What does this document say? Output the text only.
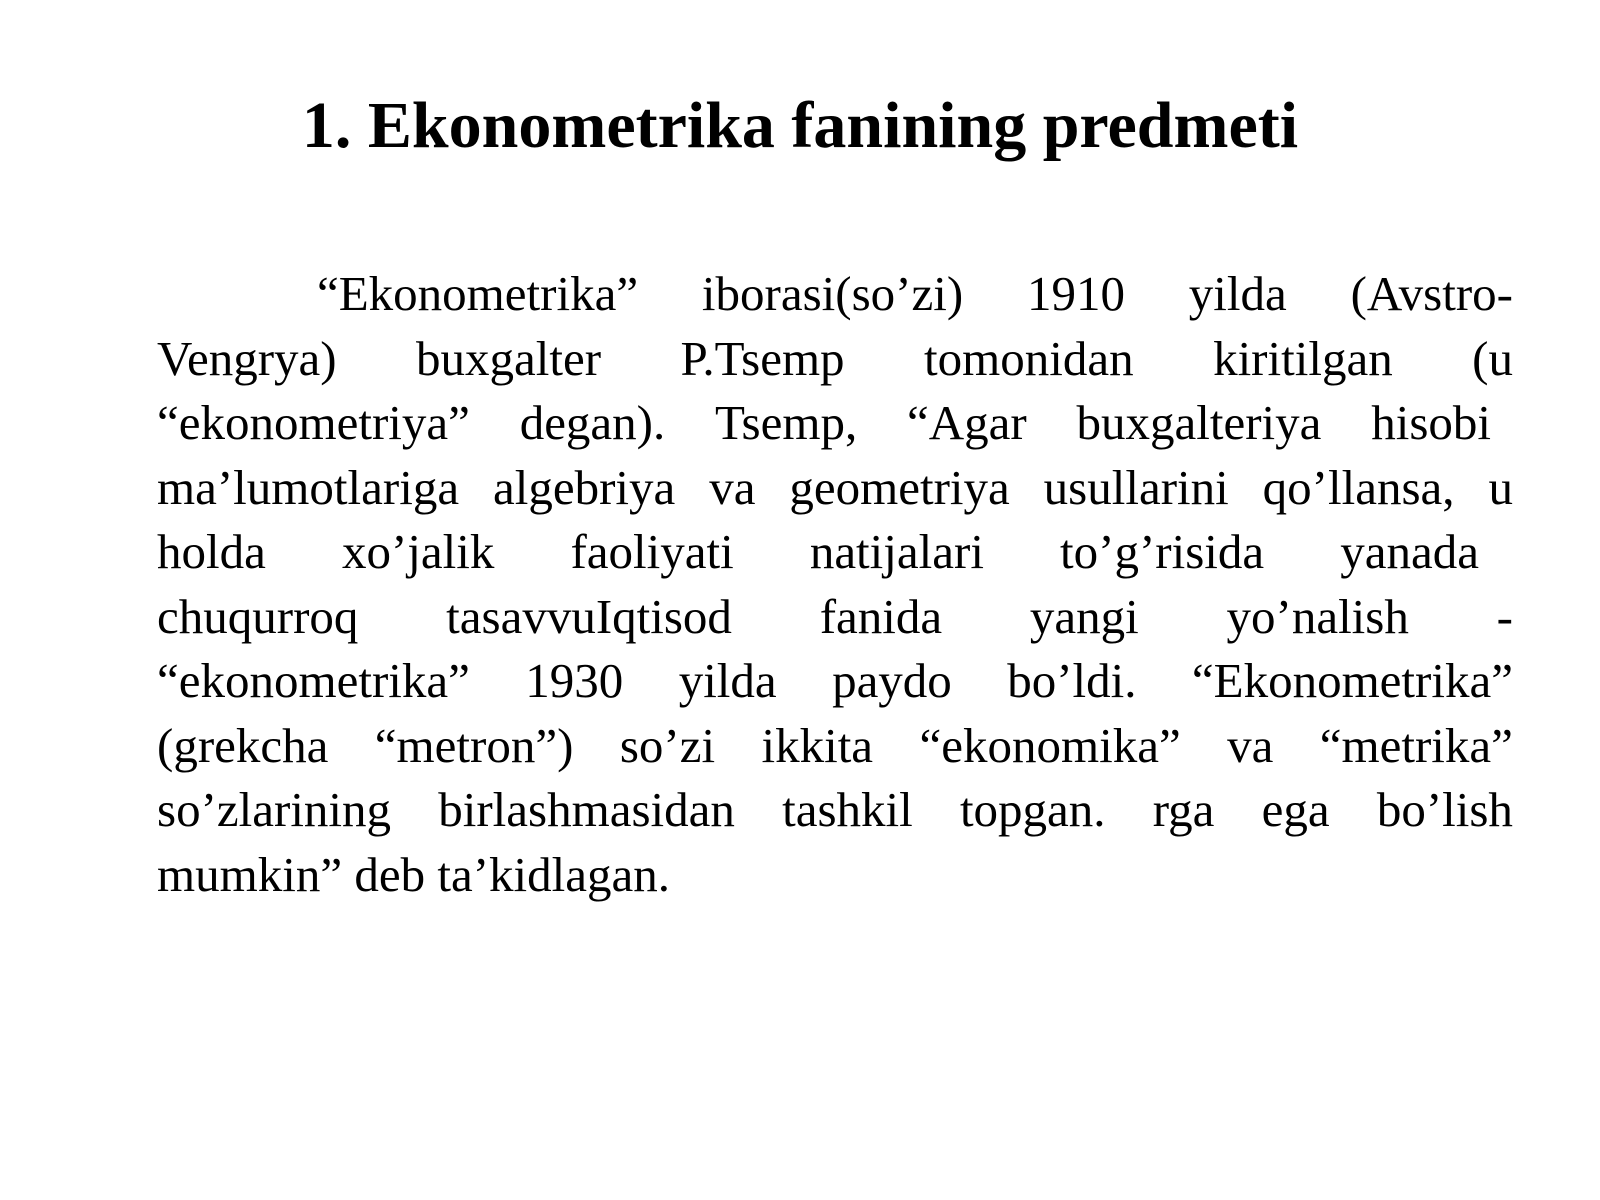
1. Ekonometrika fanining predmeti
“Ekonometrika” iborasi(so’zi) 1910 yilda (Avstro-
Vengrya) buxgalter P.Tsemp tomonidan kiritilgan (u
“ekonometriya” degan). Tsemp, “Agar buxgalteriya hisobi
ma’lumotlariga algebriya va geometriya usullarini qo’llansa, u
holda xo’jalik faoliyati natijalari to’g’risida yanada
chuqurroq tasavvuIqtisod fanida yangi yo’nalish -
“ekonometrika” 1930 yilda paydo bo’ldi. “Ekonometrika”
(grekcha “metron”) so’zi ikkita “ekonomika” va “metrika”
so’zlarining birlashmasidan tashkil topgan. rga ega bo’lish
mumkin” deb ta’kidlagan.
